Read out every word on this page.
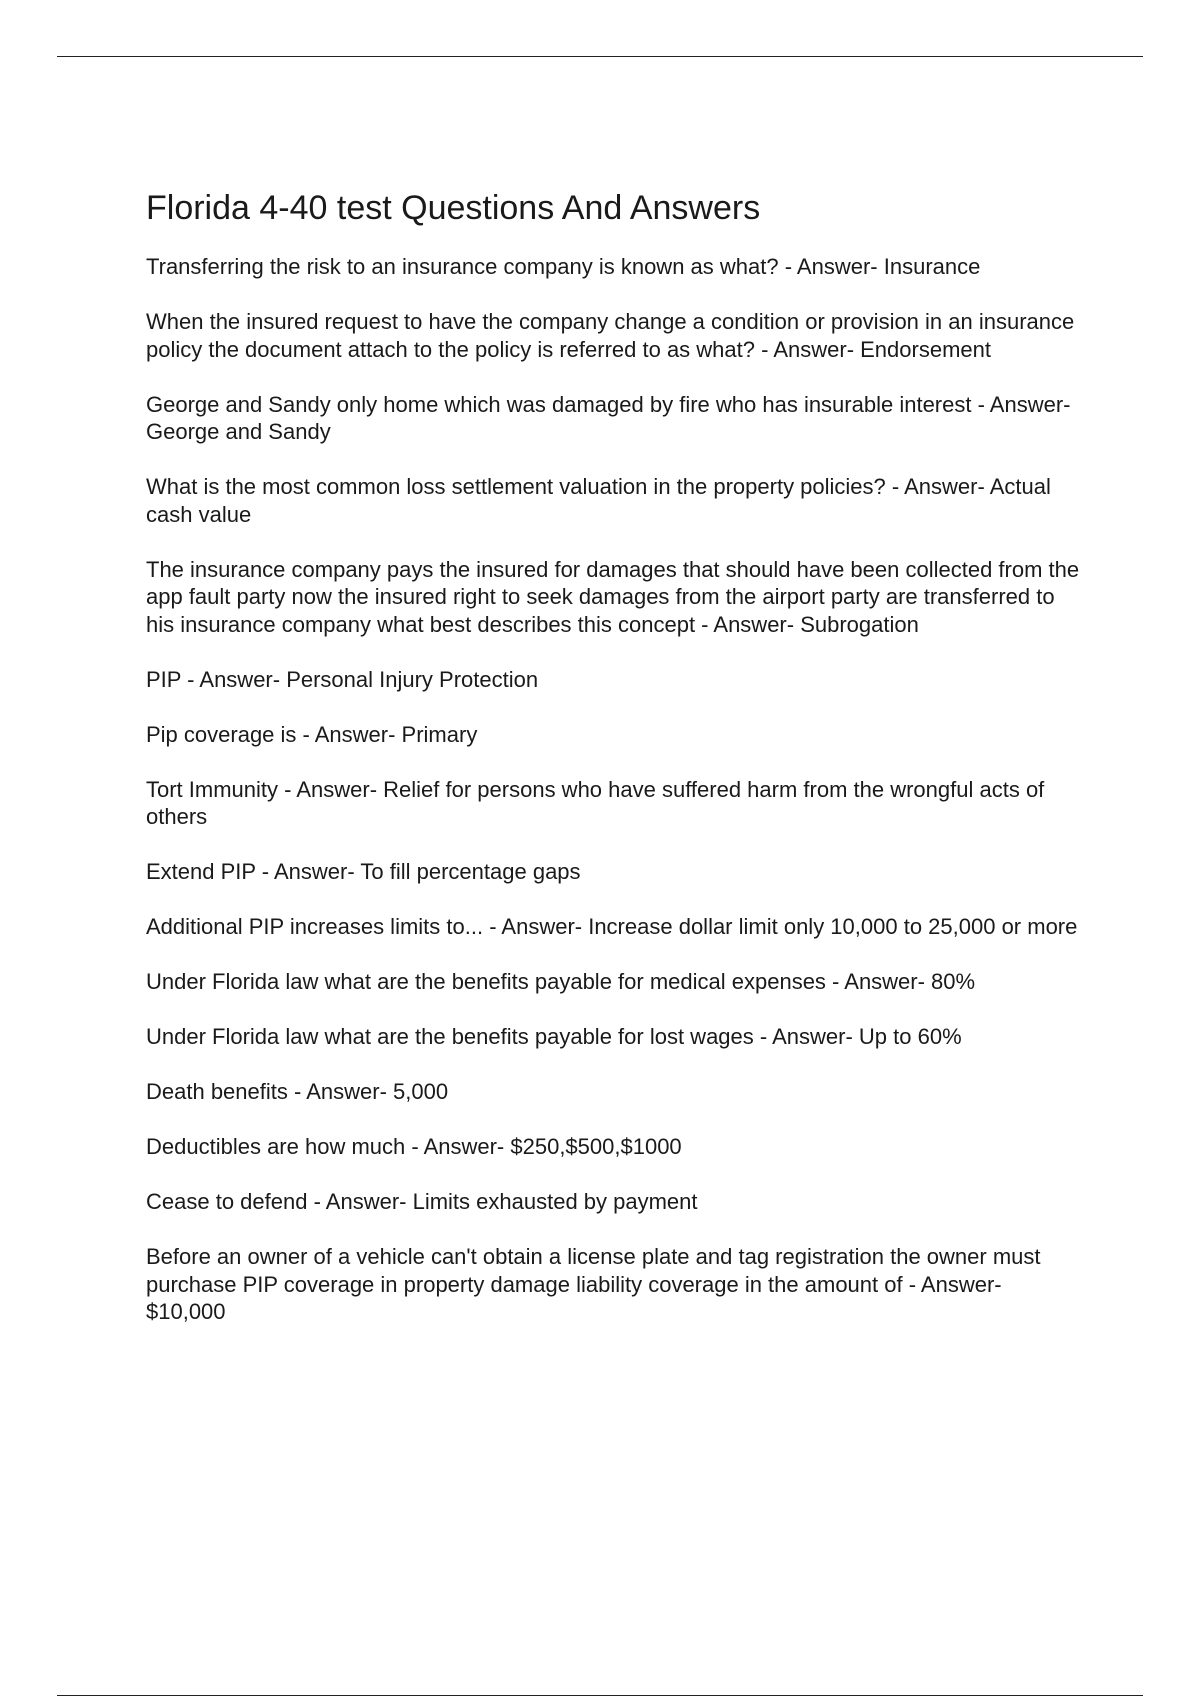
Florida 4-40 test Questions And Answers

Transferring the risk to an insurance company is known as what? - Answer- Insurance

When the insured request to have the company change a condition or provision in an insurance policy the document attach to the policy is referred to as what? - Answer- Endorsement

George and Sandy only home which was damaged by fire who has insurable interest - Answer- George and Sandy

What is the most common loss settlement valuation in the property policies? - Answer- Actual cash value

The insurance company pays the insured for damages that should have been collected from the app fault party now the insured right to seek damages from the airport party are transferred to his insurance company what best describes this concept - Answer- Subrogation

PIP - Answer- Personal Injury Protection

Pip coverage is - Answer- Primary

Tort Immunity - Answer- Relief for persons who have suffered harm from the wrongful acts of others

Extend PIP - Answer- To fill percentage gaps

Additional PIP increases limits to... - Answer- Increase dollar limit only 10,000 to 25,000 or more

Under Florida law what are the benefits payable for medical expenses - Answer- 80%

Under Florida law what are the benefits payable for lost wages - Answer- Up to 60%

Death benefits - Answer- 5,000

Deductibles are how much - Answer- $250,$500,$1000

Cease to defend - Answer- Limits exhausted by payment

Before an owner of a vehicle can't obtain a license plate and tag registration the owner must purchase PIP coverage in property damage liability coverage in the amount of - Answer- $10,000
